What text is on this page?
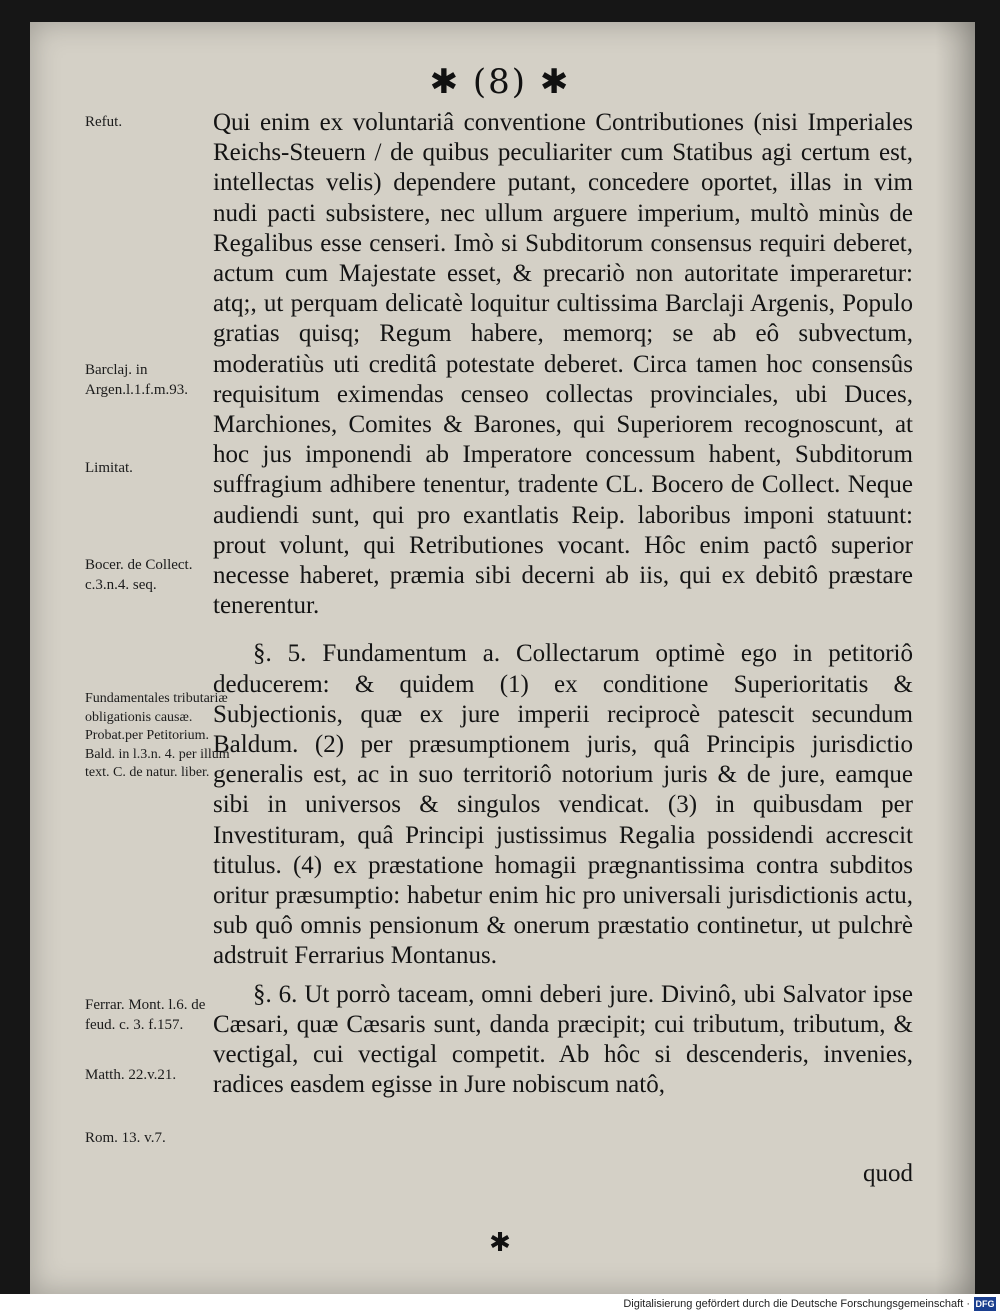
✱ (8) ✱
Refut.
Barclaj. in Argen.l.1.f.m.93.
Limitat.
Bocer. de Collect. c.3.n.4. seq.
Fundamentales tributariæ obligationis causæ. Probat.per Petitorium. Bald. in l.3.n. 4. per illum text. C. de natur. liber.
Ferrar. Mont. l.6. de feud. c. 3. f.157.
Matth. 22.v.21.
Rom. 13. v.7.

Qui enim ex voluntariâ conventione Contributiones (nisi Imperiales Reichs-Steuern / de quibus peculiariter cum Statibus agi certum est, intellectas velis) dependere putant, concedere oportet, illas in vim nudi pacti subsistere, nec ullum arguere imperium, multò minùs de Regalibus esse censeri. Imò si Subditorum consensus requiri deberet, actum cum Majestate esset, & precariò non autoritate imperaretur: atq;, ut perquam delicatè loquitur cultissima Barclaji Argenis, Populo gratias quisq; Regum habere, memorq; se ab eô subvectum, moderatiùs uti creditâ potestate deberet. Circa tamen hoc consensûs requisitum eximendas censeo collectas provinciales, ubi Duces, Marchiones, Comites & Barones, qui Superiorem recognoscunt, at hoc jus imponendi ab Imperatore concessum habent, Subditorum suffragium adhibere tenentur, tradente CL. Bocero de Collect. Neque audiendi sunt, qui pro exantlatis Reip. laboribus imponi statuunt: prout volunt, qui Retributiones vocant. Hôc enim pactô superior necesse haberet, præmia sibi decerni ab iis, qui ex debitô præstare tenerentur.

§. 5. Fundamentum a. Collectarum optimè ego in petitoriô deducerem: & quidem (1) ex conditione Superioritatis & Subjectionis, quæ ex jure imperii reciprocè patescit secundum Baldum. (2) per præsumptionem juris, quâ Principis jurisdictio generalis est, ac in suo territoriô notorium juris & de jure, eamque sibi in universos & singulos vendicat. (3) in quibusdam per Investituram, quâ Principi justissimus Regalia possidendi accrescit titulus. (4) ex præstatione homagii prægnantissima contra subditos oritur præsumptio: habetur enim hic pro universali jurisdictionis actu, sub quô omnis pensionum & onerum præstatio continetur, ut pulchrè adstruit Ferrarius Montanus.

§. 6. Ut porrò taceam, omni deberi jure. Divinô, ubi Salvator ipse Cæsari, quæ Cæsaris sunt, danda præcipit; cui tributum, tributum, & vectigal, cui vectigal competit. Ab hôc si descenderis, invenies, radices easdem egisse in Jure nobiscum natô,

quod
✱
Digitalisierung gefördert durch die Deutsche Forschungsgemeinschaft · DFG
